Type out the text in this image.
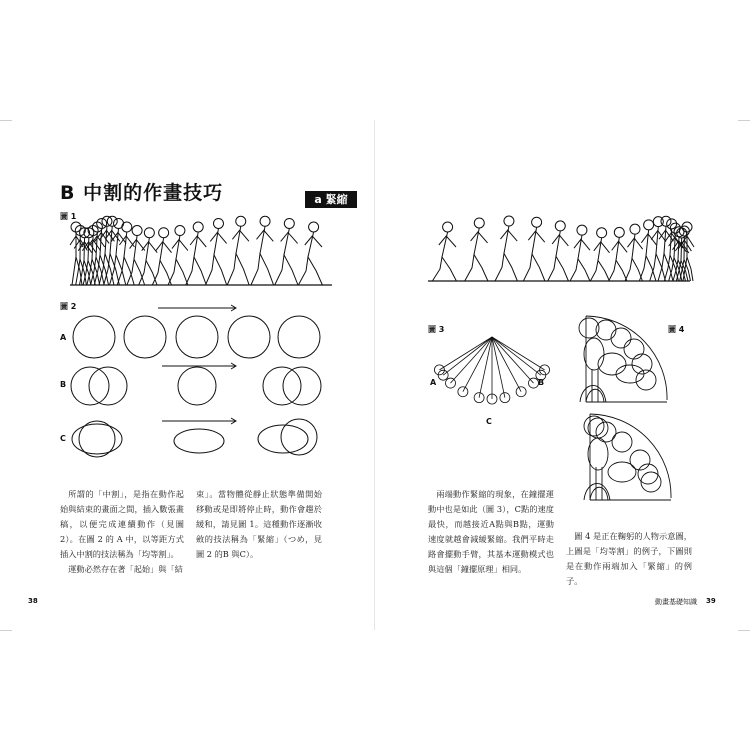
B 中割的作畫技巧	a 緊縮
圖 1
圖 2
圖 3	圖 4
A
B
C
A	B
C

所謂的「中割」，是指在動作起始與結束的畫面之間，插入數張畫稿，以便完成連續動作（見圖 2）。在圖 2 的 A 中，以等距方式插入中割的技法稱為「均等割」。

運動必然存在著「起始」與「結

束」。當物體從靜止狀態準備開始移動或是即將停止時，動作會趨於緩和，請見圖 1。這種動作逐漸收斂的技法稱為「緊縮」（つめ，見圖 2 的B 與C）。

兩端動作緊縮的現象，在鐘擺運動中也是如此（圖 3），C點的速度最快，而越接近A點與B點，運動速度就越會減緩緊縮。我們平時走路會擺動手臂，其基本運動模式也與這個「鐘擺原理」相同。

圖 4 是正在鞠躬的人物示意圖，上圖是「均等割」的例子，下圖則是在動作兩端加入「緊縮」的例子。

38	動畫基礎知識 39
